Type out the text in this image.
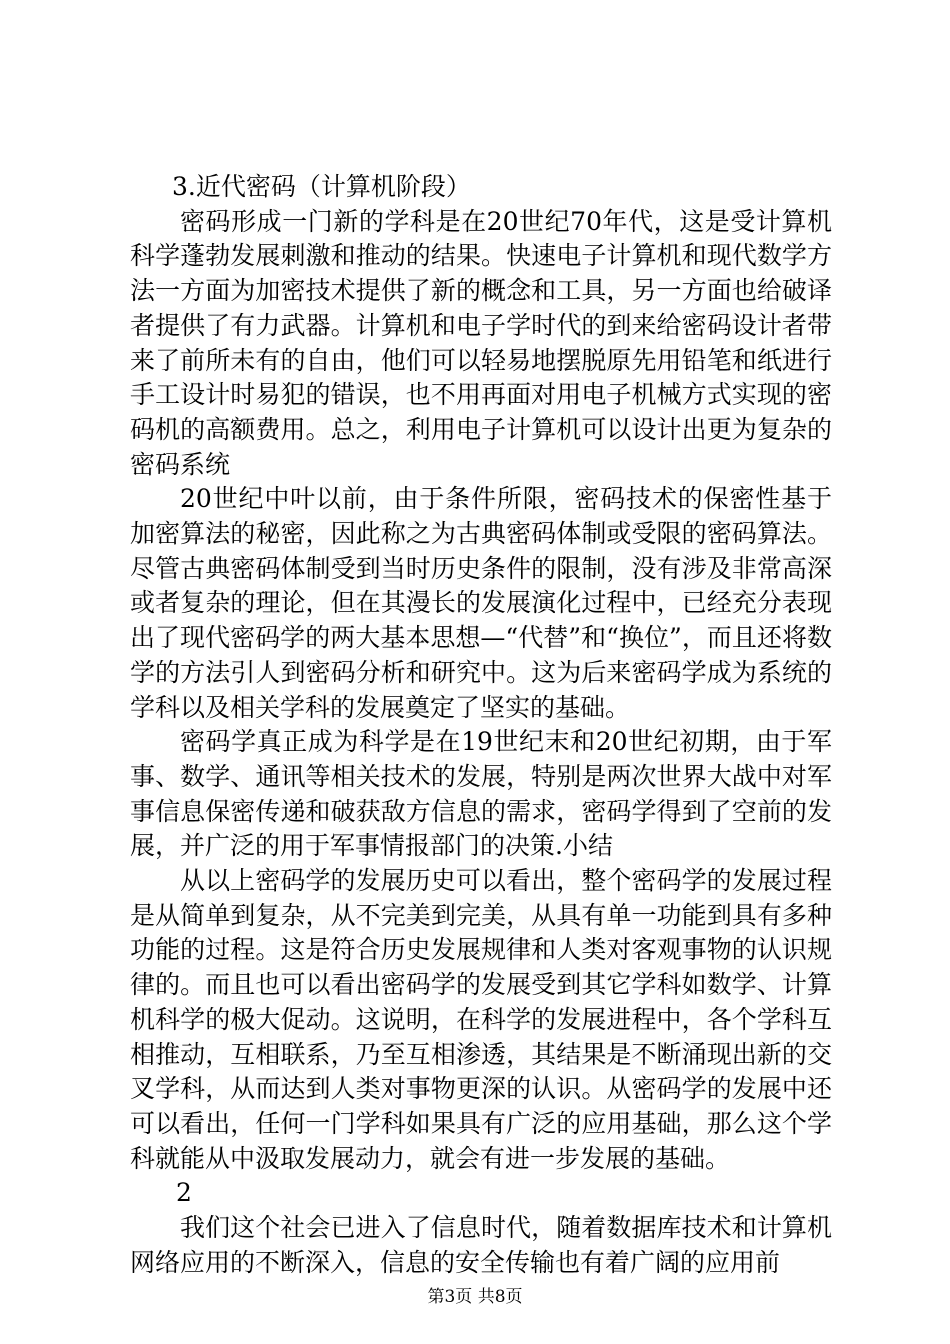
3.近代密码（计算机阶段）

密码形成一门新的学科是在20世纪70年代，这是受计算机科学蓬勃发展刺激和推动的结果。快速电子计算机和现代数学方法一方面为加密技术提供了新的概念和工具，另一方面也给破译者提供了有力武器。计算机和电子学时代的到来给密码设计者带来了前所未有的自由，他们可以轻易地摆脱原先用铅笔和纸进行手工设计时易犯的错误，也不用再面对用电子机械方式实现的密码机的高额费用。总之，利用电子计算机可以设计出更为复杂的密码系统

20世纪中叶以前，由于条件所限，密码技术的保密性基于加密算法的秘密，因此称之为古典密码体制或受限的密码算法。尽管古典密码体制受到当时历史条件的限制，没有涉及非常高深或者复杂的理论，但在其漫长的发展演化过程中，已经充分表现出了现代密码学的两大基本思想—“代替”和“换位”，而且还将数学的方法引人到密码分析和研究中。这为后来密码学成为系统的学科以及相关学科的发展奠定了坚实的基础。

密码学真正成为科学是在19世纪末和20世纪初期，由于军事、数学、通讯等相关技术的发展，特别是两次世界大战中对军事信息保密传递和破获敌方信息的需求，密码学得到了空前的发展，并广泛的用于军事情报部门的决策.小结

从以上密码学的发展历史可以看出，整个密码学的发展过程是从简单到复杂，从不完美到完美，从具有单一功能到具有多种功能的过程。这是符合历史发展规律和人类对客观事物的认识规律的。而且也可以看出密码学的发展受到其它学科如数学、计算机科学的极大促动。这说明，在科学的发展进程中，各个学科互相推动，互相联系，乃至互相渗透，其结果是不断涌现出新的交叉学科，从而达到人类对事物更深的认识。从密码学的发展中还可以看出，任何一门学科如果具有广泛的应用基础，那么这个学科就能从中汲取发展动力，就会有进一步发展的基础。

2

我们这个社会已进入了信息时代，随着数据库技术和计算机网络应用的不断深入，信息的安全传输也有着广阔的应用前

第3页 共8页
